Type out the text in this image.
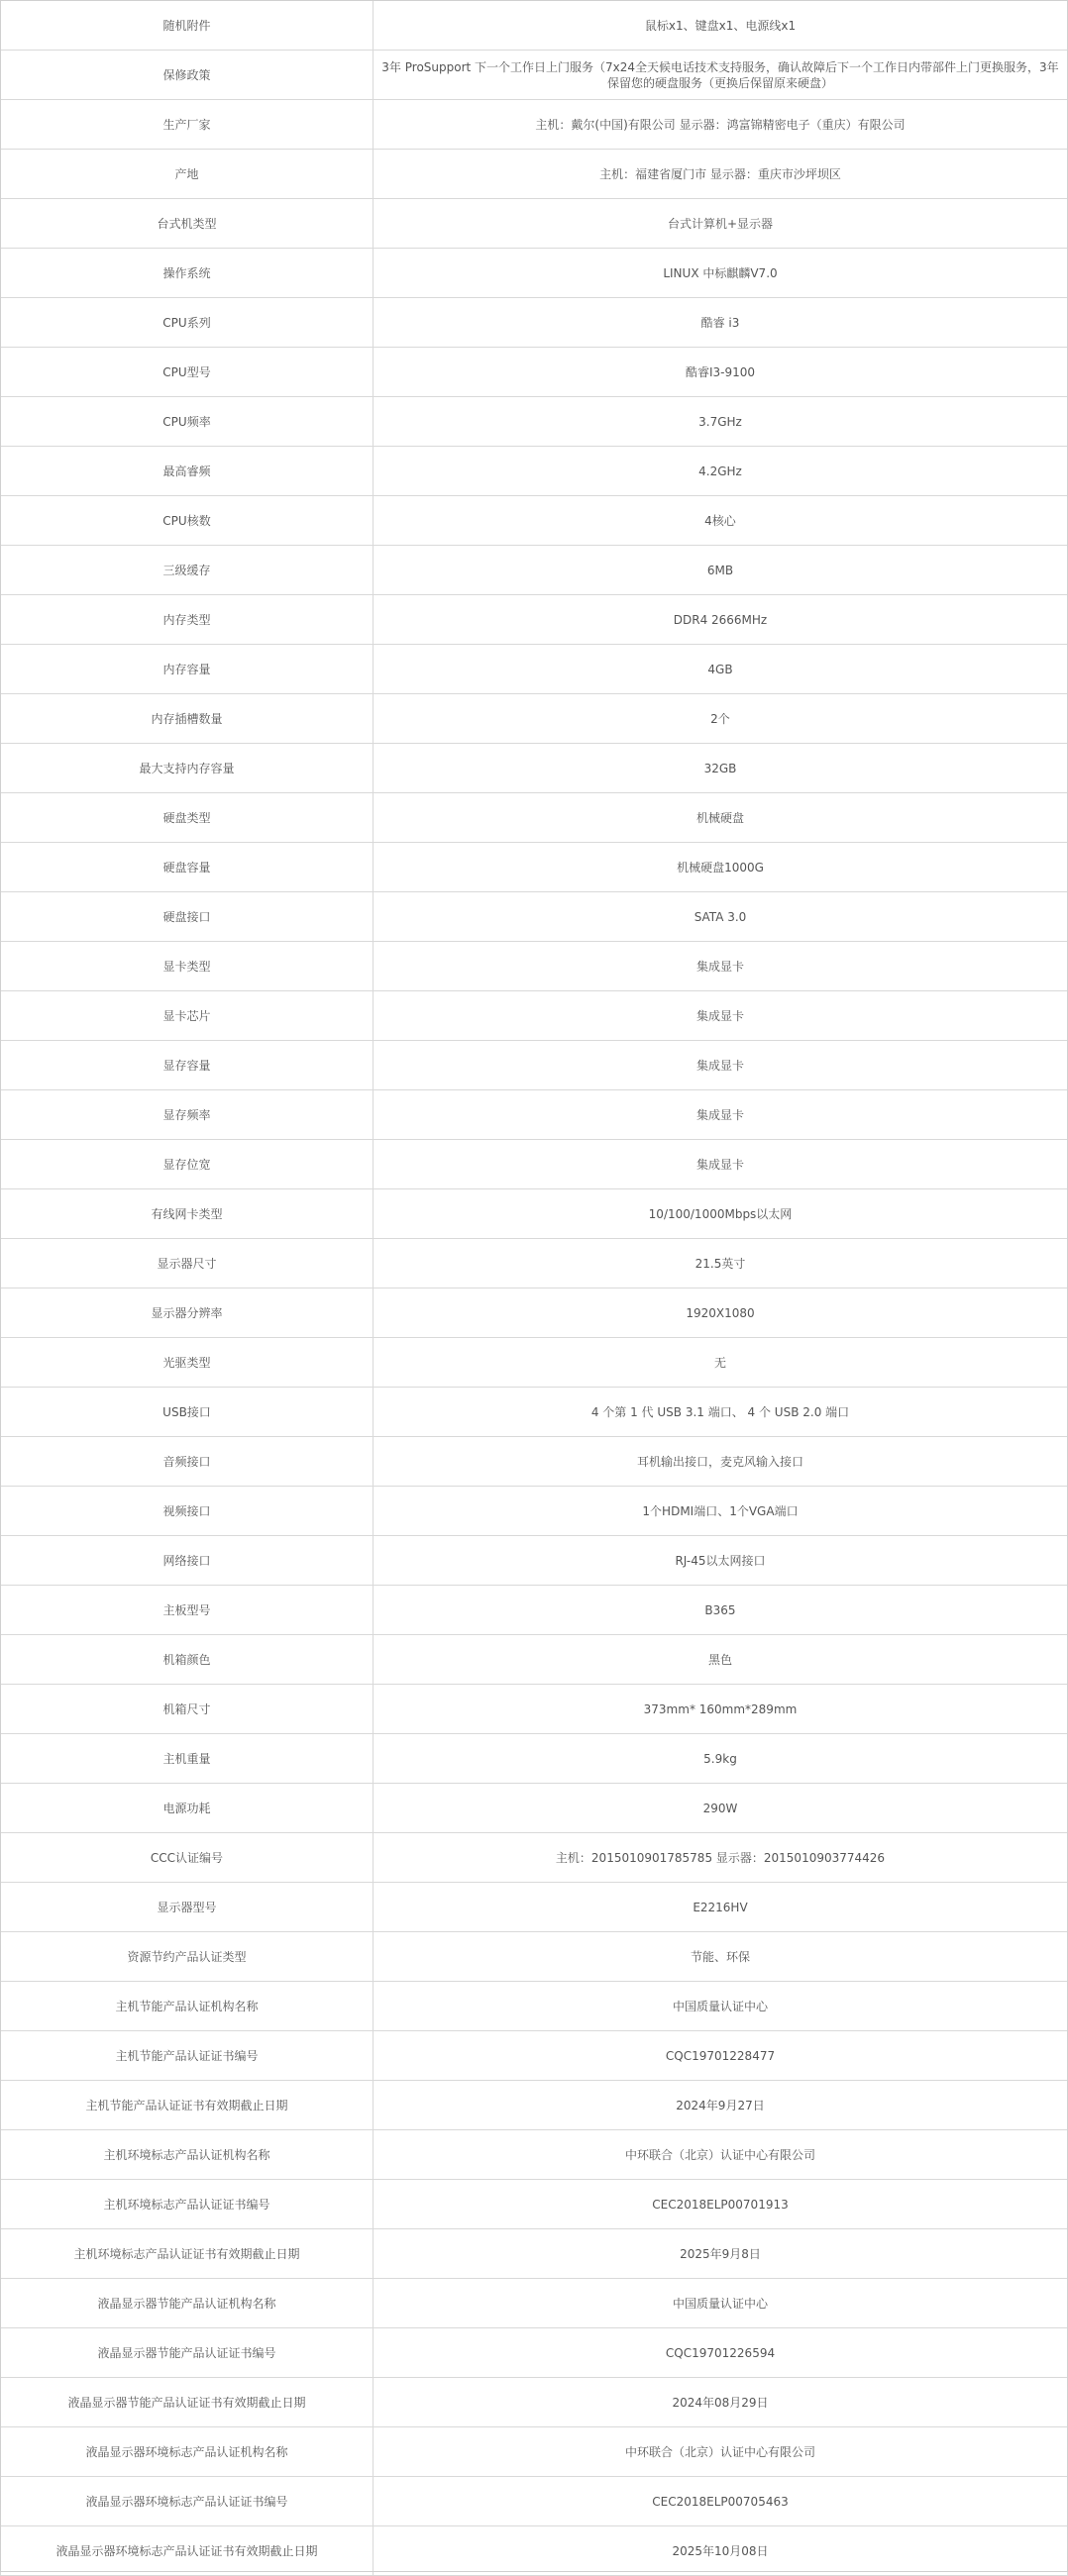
随机附件	鼠标x1、键盘x1、电源线x1
保修政策	3年 ProSupport 下一个工作日上门服务（7x24全天候电话技术支持服务，确认故障后下一个工作日内带部件上门更换服务，3年保留您的硬盘服务（更换后保留原来硬盘）
生产厂家	主机：戴尔(中国)有限公司 显示器：鸿富锦精密电子（重庆）有限公司
产地	主机：福建省厦门市 显示器：重庆市沙坪坝区
台式机类型	台式计算机+显示器
操作系统	LINUX 中标麒麟V7.0
CPU系列	酷睿 i3
CPU型号	酷睿I3-9100
CPU频率	3.7GHz
最高睿频	4.2GHz
CPU核数	4核心
三级缓存	6MB
内存类型	DDR4 2666MHz
内存容量	4GB
内存插槽数量	2个
最大支持内存容量	32GB
硬盘类型	机械硬盘
硬盘容量	机械硬盘1000G
硬盘接口	SATA 3.0
显卡类型	集成显卡
显卡芯片	集成显卡
显存容量	集成显卡
显存频率	集成显卡
显存位宽	集成显卡
有线网卡类型	10/100/1000Mbps以太网
显示器尺寸	21.5英寸
显示器分辨率	1920X1080
光驱类型	无
USB接口	4 个第 1 代 USB 3.1 端口、 4 个 USB 2.0 端口
音频接口	耳机输出接口，麦克风输入接口
视频接口	1个HDMI端口、1个VGA端口
网络接口	RJ-45以太网接口
主板型号	B365
机箱颜色	黑色
机箱尺寸	373mm* 160mm*289mm
主机重量	5.9kg
电源功耗	290W
CCC认证编号	主机：2015010901785785 显示器：2015010903774426
显示器型号	E2216HV
资源节约产品认证类型	节能、环保
主机节能产品认证机构名称	中国质量认证中心
主机节能产品认证证书编号	CQC19701228477
主机节能产品认证证书有效期截止日期	2024年9月27日
主机环境标志产品认证机构名称	中环联合（北京）认证中心有限公司
主机环境标志产品认证证书编号	CEC2018ELP00701913
主机环境标志产品认证证书有效期截止日期	2025年9月8日
液晶显示器节能产品认证机构名称	中国质量认证中心
液晶显示器节能产品认证证书编号	CQC19701226594
液晶显示器节能产品认证证书有效期截止日期	2024年08月29日
液晶显示器环境标志产品认证机构名称	中环联合（北京）认证中心有限公司
液晶显示器环境标志产品认证证书编号	CEC2018ELP00705463
液晶显示器环境标志产品认证证书有效期截止日期	2025年10月08日
